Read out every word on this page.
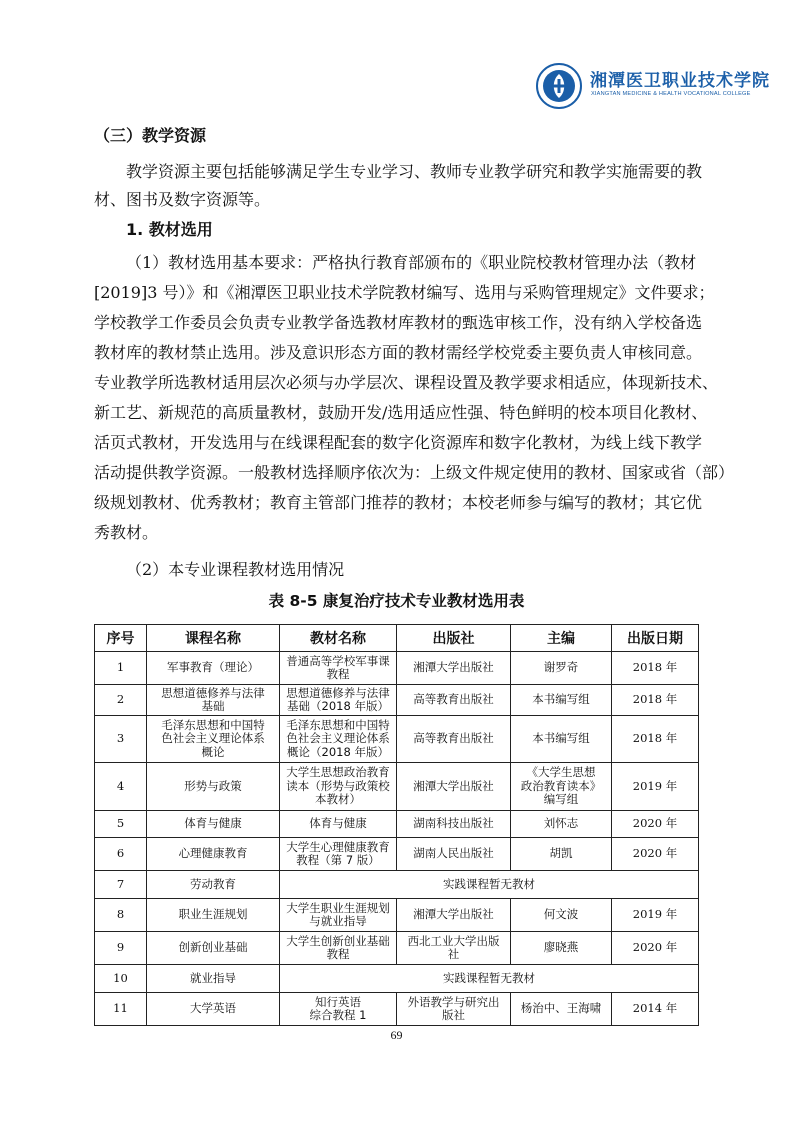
湘潭医卫职业技术学院
XIANGTAN MEDICINE & HEALTH VOCATIONAL COLLEGE
（三）教学资源
教学资源主要包括能够满足学生专业学习、教师专业教学研究和教学实施需要的教
材、图书及数字资源等。
1. 教材选用
（1）教材选用基本要求：严格执行教育部颁布的《职业院校教材管理办法（教材
[2019]3 号）》和《湘潭医卫职业技术学院教材编写、选用与采购管理规定》文件要求；
学校教学工作委员会负责专业教学备选教材库教材的甄选审核工作，没有纳入学校备选
教材库的教材禁止选用。涉及意识形态方面的教材需经学校党委主要负责人审核同意。
专业教学所选教材适用层次必须与办学层次、课程设置及教学要求相适应，体现新技术、
新工艺、新规范的高质量教材，鼓励开发/选用适应性强、特色鲜明的校本项目化教材、
活页式教材，开发选用与在线课程配套的数字化资源库和数字化教材，为线上线下教学
活动提供教学资源。一般教材选择顺序依次为：上级文件规定使用的教材、国家或省（部）
级规划教材、优秀教材；教育主管部门推荐的教材；本校老师参与编写的教材；其它优
秀教材。
（2）本专业课程教材选用情况
表 8-5 康复治疗技术专业教材选用表
序号	课程名称	教材名称	出版社	主编	出版日期
1	军事教育（理论）	普通高等学校军事课
教程	湘潭大学出版社	谢罗奇	2018 年
2	思想道德修养与法律
基础	思想道德修养与法律
基础（2018 年版）	高等教育出版社	本书编写组	2018 年
3	毛泽东思想和中国特
色社会主义理论体系
概论	毛泽东思想和中国特
色社会主义理论体系
概论（2018 年版）	高等教育出版社	本书编写组	2018 年
4	形势与政策	大学生思想政治教育
读本（形势与政策校
本教材）	湘潭大学出版社	《大学生思想
政治教育读本》
编写组	2019 年
5	体育与健康	体育与健康	湖南科技出版社	刘怀志	2020 年
6	心理健康教育	大学生心理健康教育
教程（第 7 版）	湖南人民出版社	胡凯	2020 年
7	劳动教育	实践课程暂无教材			
8	职业生涯规划	大学生职业生涯规划
与就业指导	湘潭大学出版社	何文波	2019 年
9	创新创业基础	大学生创新创业基础
教程	西北工业大学出版
社	廖晓燕	2020 年
10	就业指导	实践课程暂无教材			
11	大学英语	知行英语
综合教程 1	外语教学与研究出
版社	杨治中、王海啸	2014 年
69
